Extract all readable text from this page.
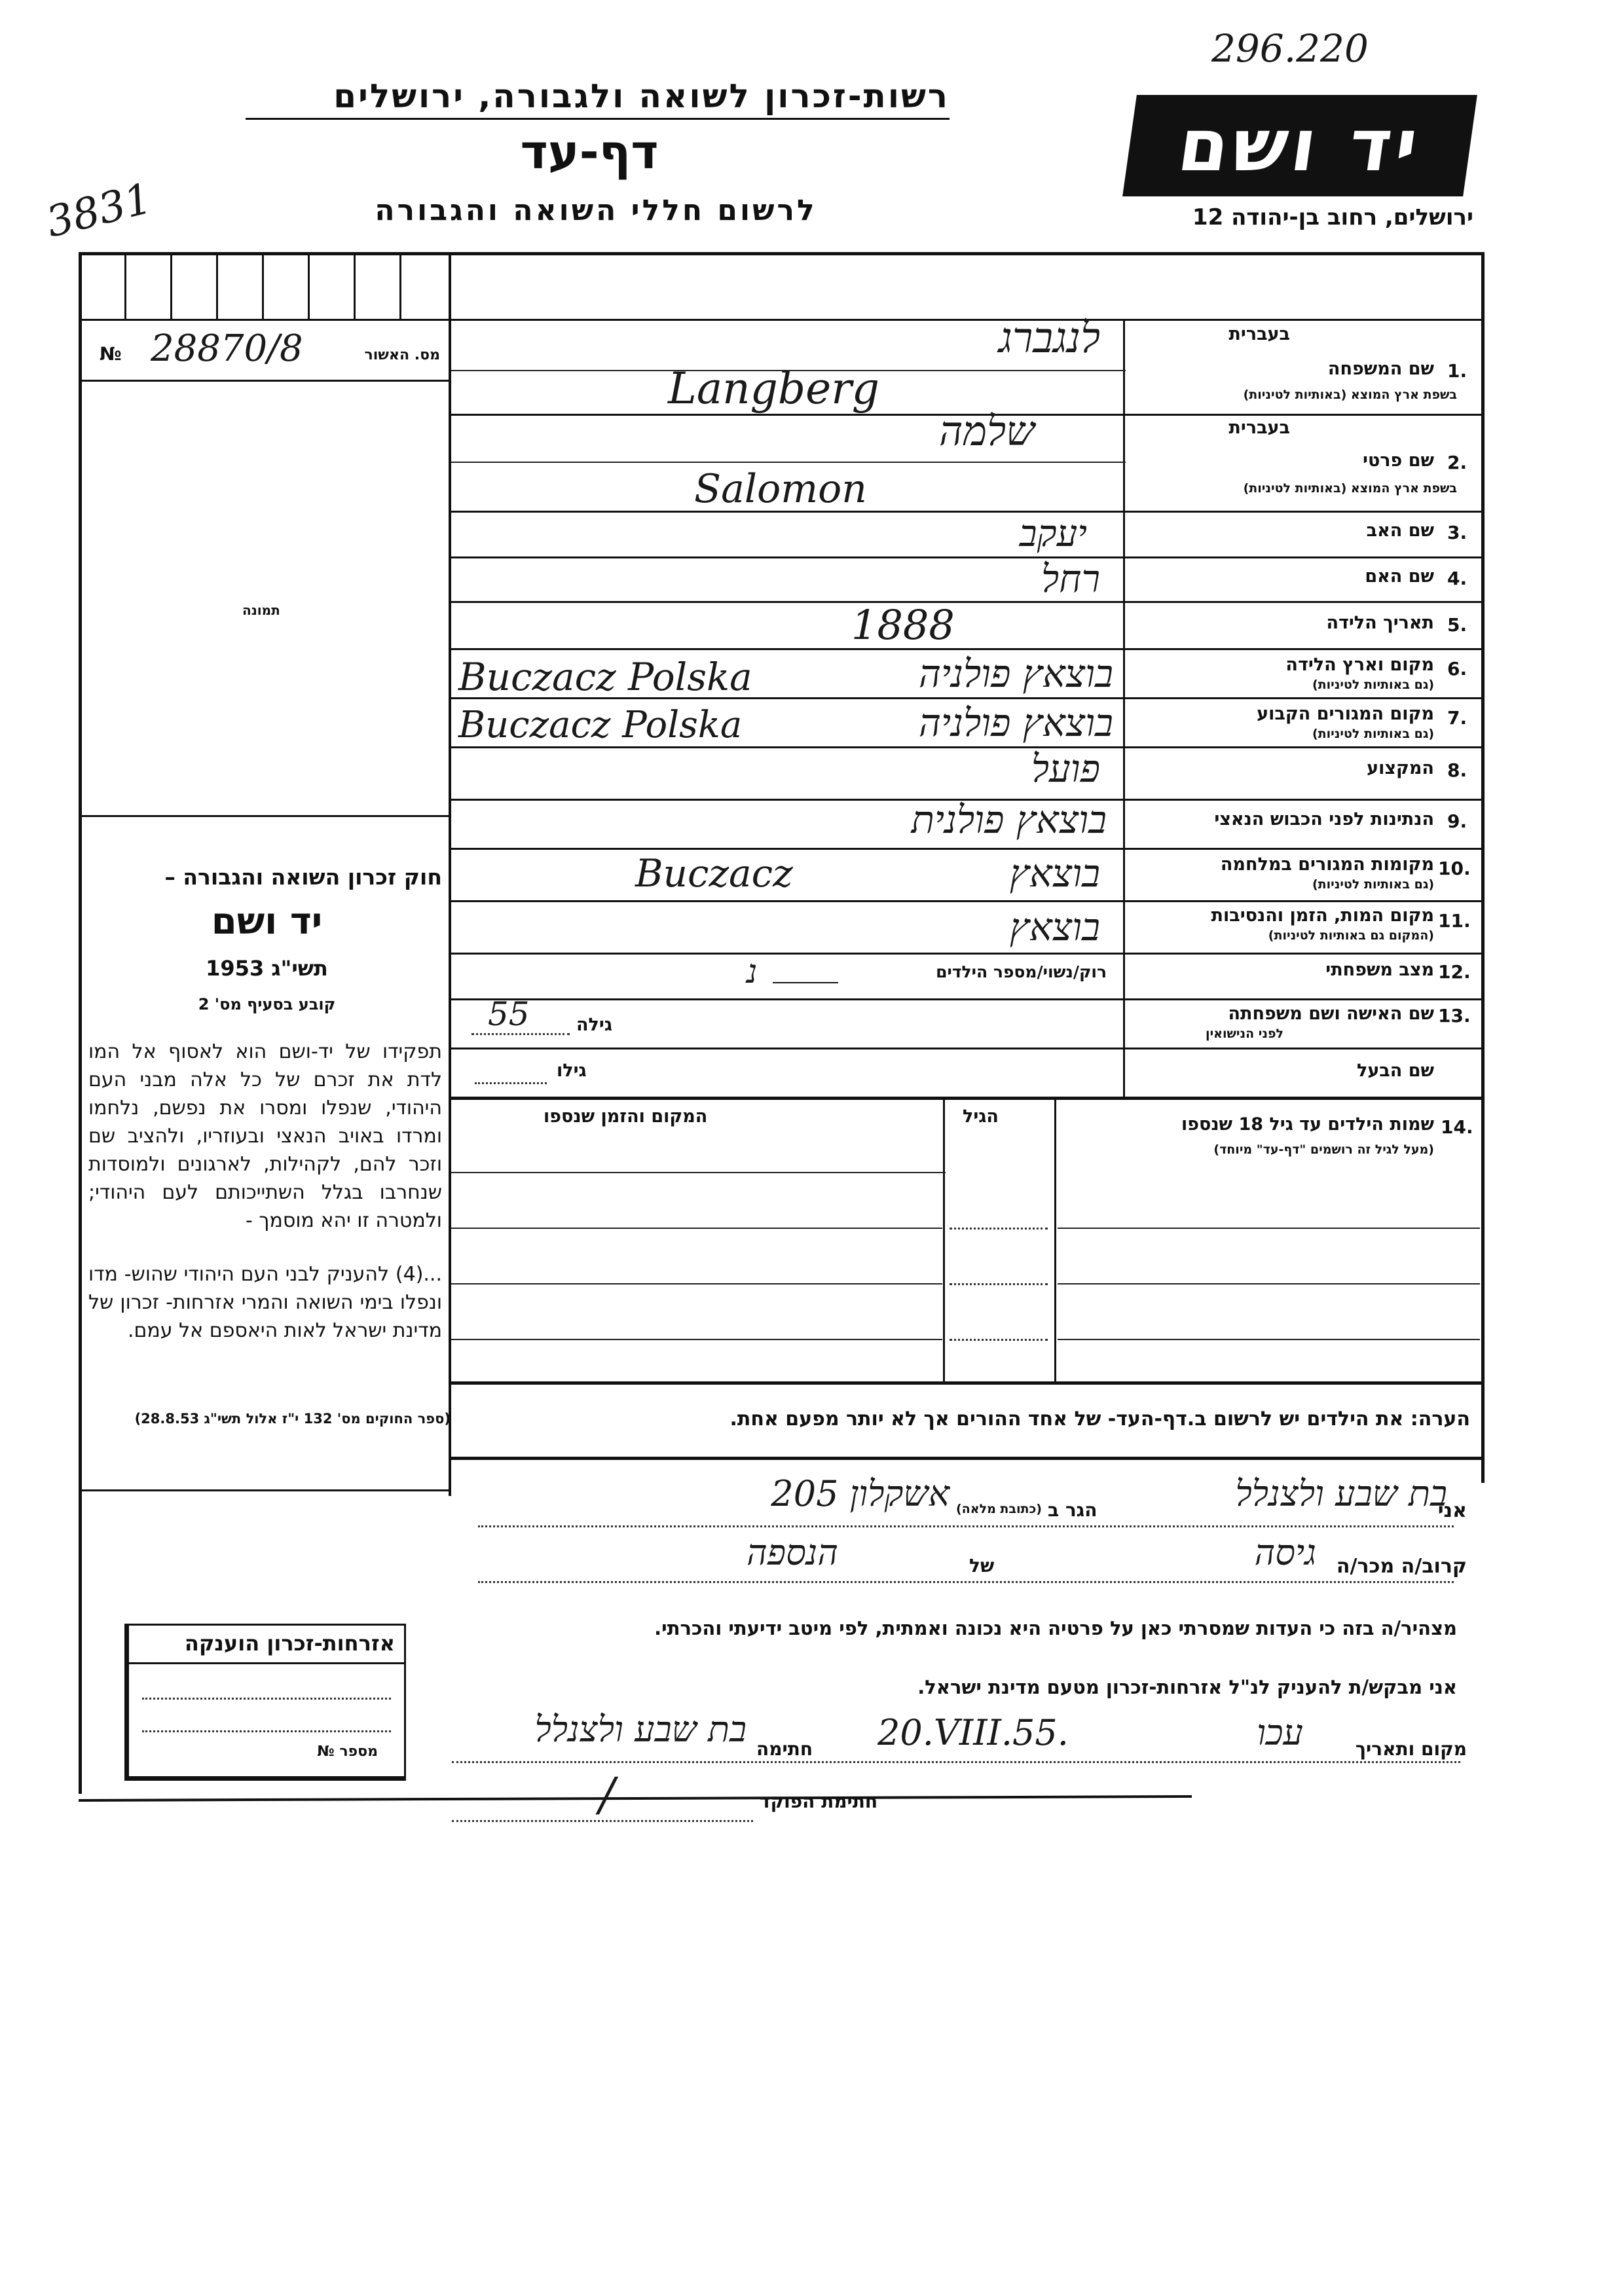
296.220
3831
רשות-זכרון לשואה ולגבורה, ירושלים
דף-עד
לרשום חללי השואה והגבורה
יד ושם
ירושלים, רחוב בן-יהודה 12
№ 28870/8	מס. האשור
תמונה
חוק זכרון השואה והגבורה –
יד ושם
תשי"ג 1953
קובע בסעיף מס' 2
תפקידו של יד-ושם הוא לאסוף אל המו לדת את זכרם של כל אלה מבני העם היהודי, שנפלו ומסרו את נפשם, נלחמו ומרדו באויב הנאצי ובעוזריו, ולהציב שם וזכר להם, לקהילות, לארגונים ולמוסדות שנחרבו בגלל השתייכותם לעם היהודי; ולמטרה זו יהא מוסמך -
...(4) להעניק לבני העם היהודי שהוש- מדו ונפלו בימי השואה והמרי אזרחות- זכרון של מדינת ישראל לאות היאספם אל עמם.
(ספר החוקים מס' 132 י"ז אלול תשי"ג 28.8.53)
אזרחות-זכרון הוענקה
מספר №
1.
שם המשפחה
בעברית
בשפת ארץ המוצא (באותיות לטיניות)
לנגברג
Langberg
2.
שם פרטי
בעברית
בשפת ארץ המוצא (באותיות לטיניות)
שלמה
Salomon
3.
שם האב
יעקב
4.
שם האם
רחל
5.
תאריך הלידה
1888
6.
מקום וארץ הלידה
(גם באותיות לטיניות)
בוצאץ פולניה
Buczacz Polska
7.
מקום המגורים הקבוע
(גם באותיות לטיניות)
בוצאץ פולניה
Buczacz Polska
8.
המקצוע
פועל
9.
הנתינות לפני הכבוש הנאצי
בוצאץ פולנית
10.
מקומות המגורים במלחמה
(גם באותיות לטיניות)
בוצאץ
Buczacz
11.
מקום המות, הזמן והנסיבות
(המקום גם באותיות לטיניות)
בוצאץ
12.
מצב משפחתי
רוק/נשוי/מספר הילדים
נ
13.
שם האישה ושם משפחתה
לפני הנישואין
גילה
55
שם הבעל
גילו
14.
שמות הילדים עד גיל 18 שנספו
(מעל לגיל זה רושמים "דף-עד" מיוחד)
הגיל
המקום והזמן שנספו
הערה: את הילדים יש לרשום ב.דף-העד- של אחד ההורים אך לא יותר מפעם אחת.
אני
בת שבע ולצנלל
הגר ב
(כתובת מלאה)
אשקלון 205
קרוב/ה מכר/ה
גיסה
של
הנספה
מצהיר/ה בזה כי העדות שמסרתי כאן על פרטיה היא נכונה ואמתית, לפי מיטב ידיעתי והכרתי.
אני מבקש/ת להעניק לנ"ל אזרחות-זכרון מטעם מדינת ישראל.
מקום ותאריך
עכו
20.VIII.55.
חתימה
בת שבע ולצנלל
חתימת הפוקד
/
